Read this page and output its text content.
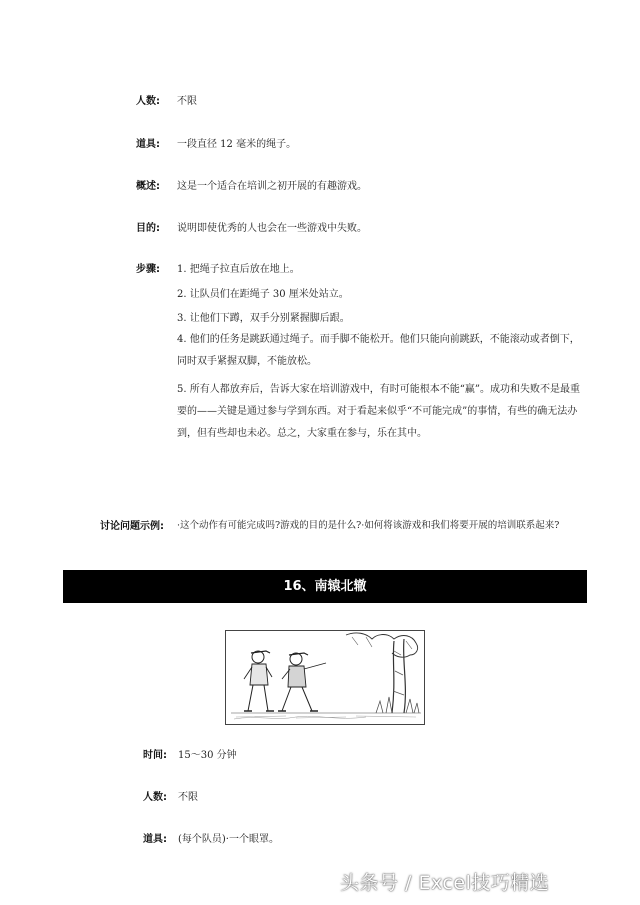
人数: 不限
道具: 一段直径 12 毫米的绳子。
概述: 这是一个适合在培训之初开展的有趣游戏。
目的: 说明即使优秀的人也会在一些游戏中失败。
步骤: 1. 把绳子拉直后放在地上。
2. 让队员们在距绳子 30 厘米处站立。
3. 让他们下蹲，双手分别紧握脚后跟。
4. 他们的任务是跳跃通过绳子。而手脚不能松开。他们只能向前跳跃，不能滚动或者倒下，同时双手紧握双脚，不能放松。
5. 所有人都放弃后，告诉大家在培训游戏中，有时可能根本不能“赢”。成功和失败不是最重要的——关键是通过参与学到东西。对于看起来似乎“不可能完成”的事情，有些的确无法办到，但有些却也未必。总之，大家重在参与，乐在其中。
讨论问题示例: ·这个动作有可能完成吗?游戏的目的是什么?·如何将该游戏和我们将要开展的培训联系起来?
16、南辕北辙
时间: 15～30 分钟
人数: 不限
道具: (每个队员)·一个眼罩。
头条号 / Excel技巧精选
